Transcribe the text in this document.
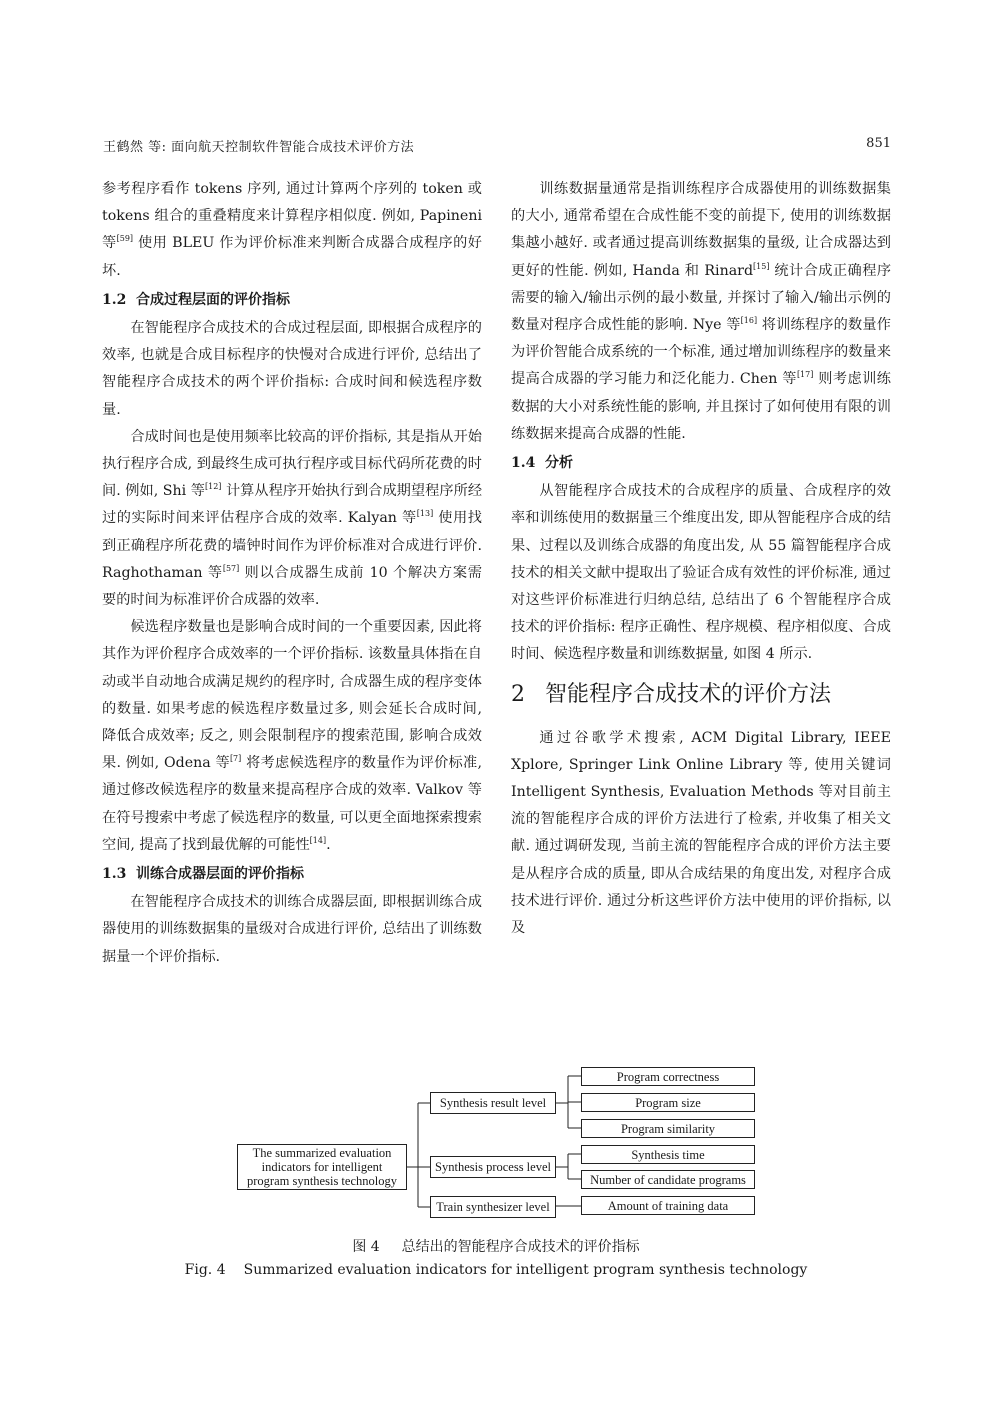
王鹤然 等: 面向航天控制软件智能合成技术评价方法	851

参考程序看作 tokens 序列, 通过计算两个序列的 token 或 tokens 组合的重叠精度来计算程序相似度. 例如, Papineni 等[59] 使用 BLEU 作为评价标准来判断合成器合成程序的好坏.

1.2 合成过程层面的评价指标

在智能程序合成技术的合成过程层面, 即根据合成程序的效率, 也就是合成目标程序的快慢对合成进行评价, 总结出了智能程序合成技术的两个评价指标: 合成时间和候选程序数量.

合成时间也是使用频率比较高的评价指标, 其是指从开始执行程序合成, 到最终生成可执行程序或目标代码所花费的时间. 例如, Shi 等[12] 计算从程序开始执行到合成期望程序所经过的实际时间来评估程序合成的效率. Kalyan 等[13] 使用找到正确程序所花费的墙钟时间作为评价标准对合成进行评价. Raghothaman 等[57] 则以合成器生成前 10 个解决方案需要的时间为标准评价合成器的效率.

候选程序数量也是影响合成时间的一个重要因素, 因此将其作为评价程序合成效率的一个评价指标. 该数量具体指在自动或半自动地合成满足规约的程序时, 合成器生成的程序变体的数量. 如果考虑的候选程序数量过多, 则会延长合成时间, 降低合成效率; 反之, 则会限制程序的搜索范围, 影响合成效果. 例如, Odena 等[7] 将考虑候选程序的数量作为评价标准, 通过修改候选程序的数量来提高程序合成的效率. Valkov 等在符号搜索中考虑了候选程序的数量, 可以更全面地探索搜索空间, 提高了找到最优解的可能性[14].

1.3 训练合成器层面的评价指标

在智能程序合成技术的训练合成器层面, 即根据训练合成器使用的训练数据集的量级对合成进行评价, 总结出了训练数据量一个评价指标.

训练数据量通常是指训练程序合成器使用的训练数据集的大小, 通常希望在合成性能不变的前提下, 使用的训练数据集越小越好. 或者通过提高训练数据集的量级, 让合成器达到更好的性能. 例如, Handa 和 Rinard[15] 统计合成正确程序需要的输入/输出示例的最小数量, 并探讨了输入/输出示例的数量对程序合成性能的影响. Nye 等[16] 将训练程序的数量作为评价智能合成系统的一个标准, 通过增加训练程序的数量来提高合成器的学习能力和泛化能力. Chen 等[17] 则考虑训练数据的大小对系统性能的影响, 并且探讨了如何使用有限的训练数据来提高合成器的性能.

1.4 分析

从智能程序合成技术的合成程序的质量、合成程序的效率和训练使用的数据量三个维度出发, 即从智能程序合成的结果、过程以及训练合成器的角度出发, 从 55 篇智能程序合成技术的相关文献中提取出了验证合成有效性的评价标准, 通过对这些评价标准进行归纳总结, 总结出了 6 个智能程序合成技术的评价指标: 程序正确性、程序规模、程序相似度、合成时间、候选程序数量和训练数据量, 如图 4 所示.

2 智能程序合成技术的评价方法

通过谷歌学术搜索, ACM Digital Library, IEEE Xplore, Springer Link Online Library 等, 使用关键词 Intelligent Synthesis, Evaluation Methods 等对目前主流的智能程序合成的评价方法进行了检索, 并收集了相关文献. 通过调研发现, 当前主流的智能程序合成的评价方法主要是从程序合成的质量, 即从合成结果的角度出发, 对程序合成技术进行评价. 通过分析这些评价方法中使用的评价指标, 以及

The summarized evaluation indicators for intelligent program synthesis technology
Synthesis result level
Synthesis process level
Train synthesizer level
Program correctness
Program size
Program similarity
Synthesis time
Number of candidate programs
Amount of training data
图 4 总结出的智能程序合成技术的评价指标
Fig. 4 Summarized evaluation indicators for intelligent program synthesis technology
